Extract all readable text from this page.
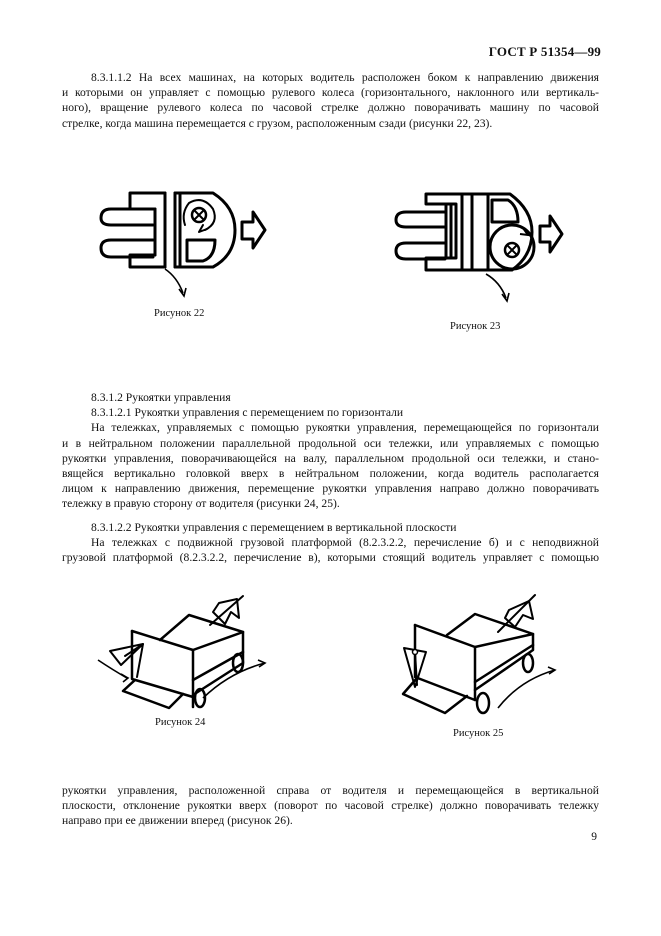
ГОСТ Р 51354—99
8.3.1.1.2 На всех машинах, на которых водитель расположен боком к направлению движения
и которыми он управляет с помощью рулевого колеса (горизонтального, наклонного или вертикаль-
ного), вращение рулевого колеса по часовой стрелке должно поворачивать машину по часовой
стрелке, когда машина перемещается с грузом, расположенным сзади (рисунки 22, 23).
Рисунок 22
Рисунок 23
8.3.1.2 Рукоятки управления
8.3.1.2.1 Рукоятки управления с перемещением по горизонтали
На тележках, управляемых с помощью рукоятки управления, перемещающейся по горизонтали
и в нейтральном положении параллельной продольной оси тележки, или управляемых с помощью
рукоятки управления, поворачивающейся на валу, параллельном продольной оси тележки, и стано-
вящейся вертикально головкой вверх в нейтральном положении, когда водитель располагается
лицом к направлению движения, перемещение рукоятки управления направо должно поворачивать
тележку в правую сторону от водителя (рисунки 24, 25).
8.3.1.2.2 Рукоятки управления с перемещением в вертикальной плоскости
На тележках с подвижной грузовой платформой (8.2.3.2.2, перечисление б) и с неподвижной
грузовой платформой (8.2.3.2.2, перечисление в), которыми стоящий водитель управляет с помощью
Рисунок 24
Рисунок 25
рукоятки управления, расположенной справа от водителя и перемещающейся в вертикальной
плоскости, отклонение рукоятки вверх (поворот по часовой стрелке) должно поворачивать тележку
направо при ее движении вперед (рисунок 26).
9
